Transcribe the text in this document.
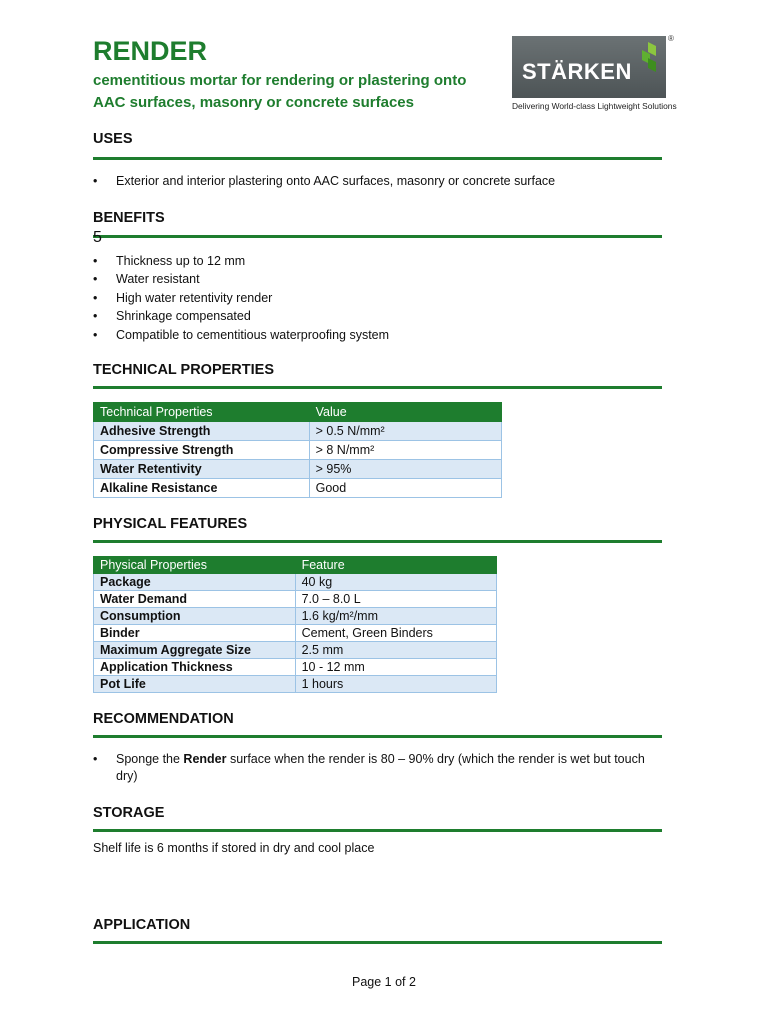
RENDER
cementitious mortar for rendering or plastering onto
AAC surfaces, masonry or concrete surfaces
STÄRKEN
®
Delivering World-class Lightweight Solutions
USES
• Exterior and interior plastering onto AAC surfaces, masonry or concrete surface
BENEFITS
5
• Thickness up to 12 mm
• Water resistant
• High water retentivity render
• Shrinkage compensated
• Compatible to cementitious waterproofing system
TECHNICAL PROPERTIES
Technical Properties	Value
Adhesive Strength	> 0.5 N/mm²
Compressive Strength	> 8 N/mm²
Water Retentivity	> 95%
Alkaline Resistance	Good
PHYSICAL FEATURES
Physical Properties	Feature
Package	40 kg
Water Demand	7.0 – 8.0 L
Consumption	1.6 kg/m²/mm
Binder	Cement, Green Binders
Maximum Aggregate Size	2.5 mm
Application Thickness	10 - 12 mm
Pot Life	1 hours
RECOMMENDATION
• Sponge the Render surface when the render is 80 – 90% dry (which the render is wet but touch dry)
STORAGE
Shelf life is 6 months if stored in dry and cool place
APPLICATION
Page 1 of 2
